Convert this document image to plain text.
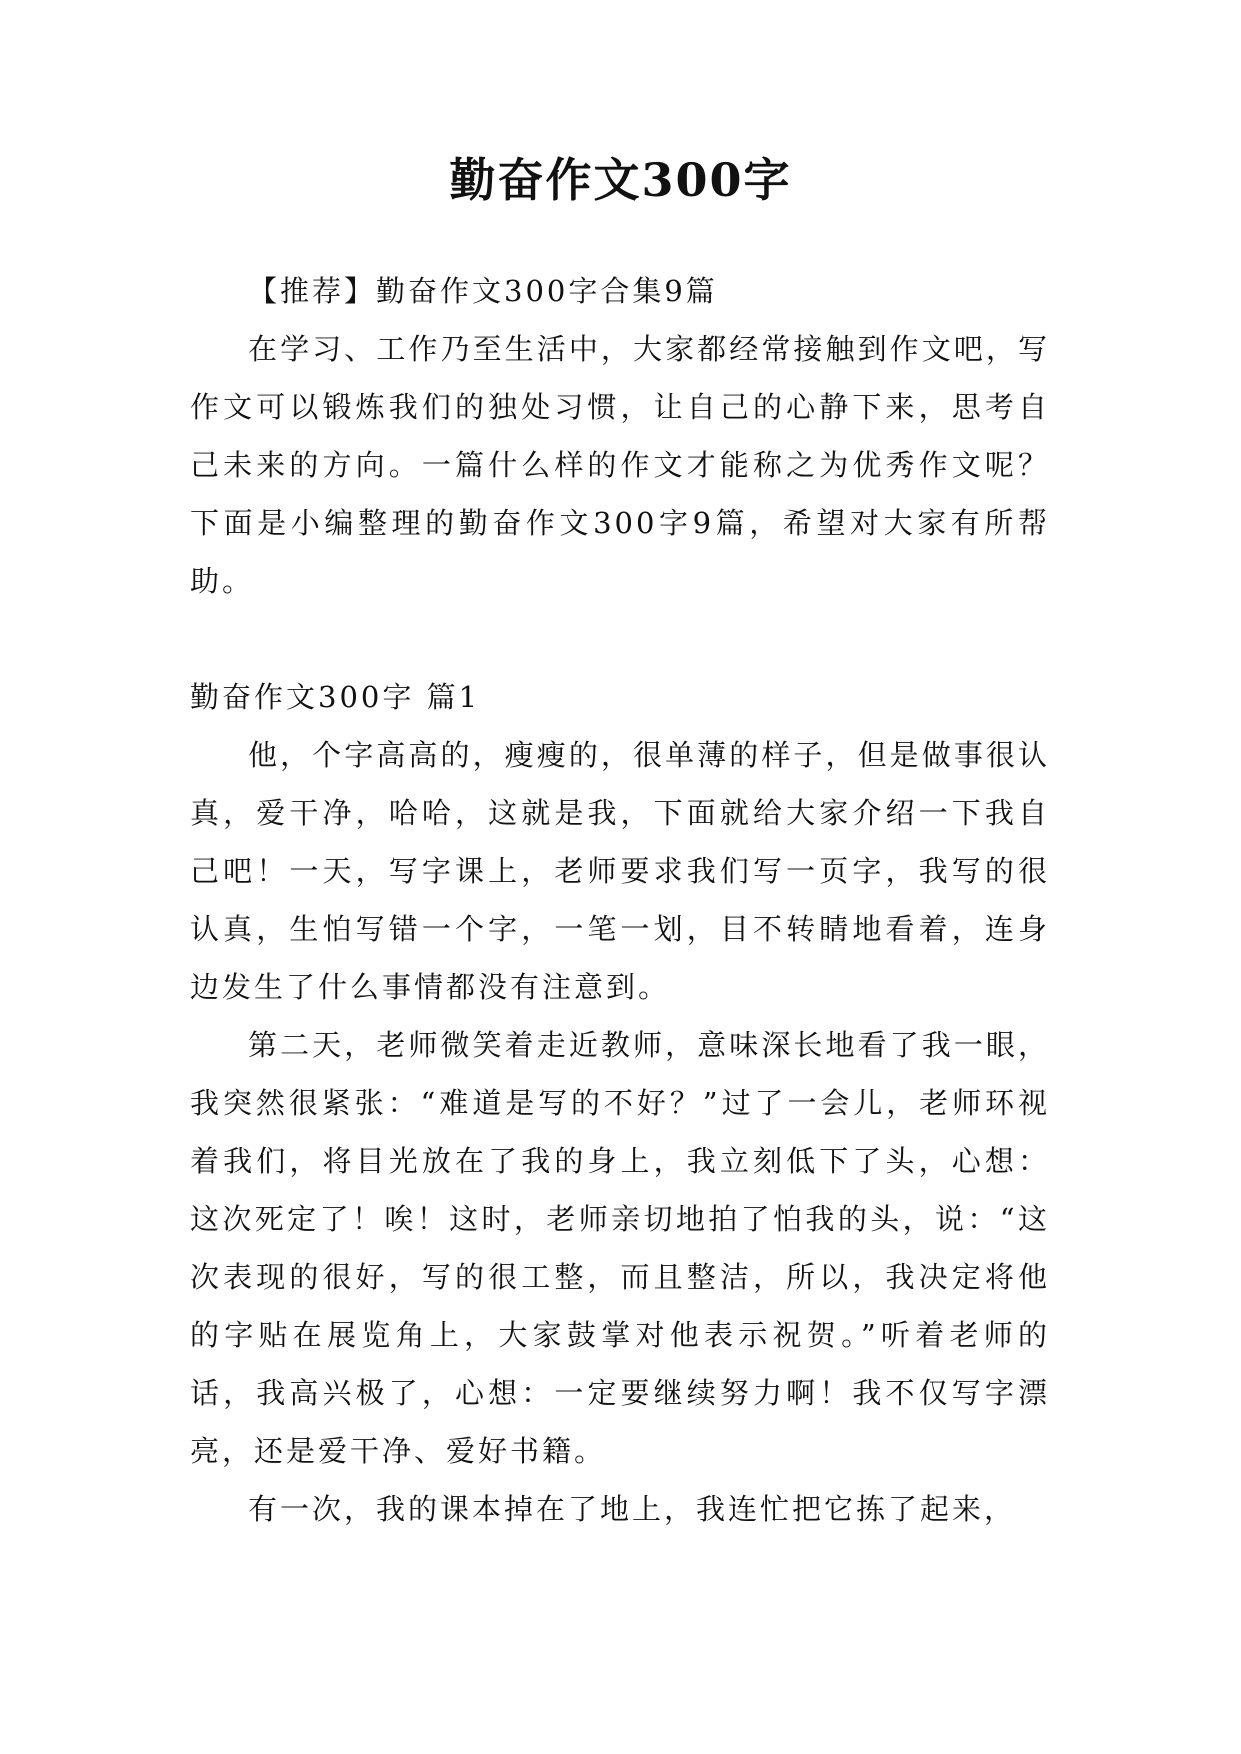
勤奋作文300字

【推荐】勤奋作文300字合集9篇

在学习、工作乃至生活中，大家都经常接触到作文吧，写作文可以锻炼我们的独处习惯，让自己的心静下来，思考自己未来的方向。一篇什么样的作文才能称之为优秀作文呢？下面是小编整理的勤奋作文300字9篇，希望对大家有所帮助。

勤奋作文300字 篇1

他，个字高高的，瘦瘦的，很单薄的样子，但是做事很认真，爱干净，哈哈，这就是我，下面就给大家介绍一下我自己吧！一天，写字课上，老师要求我们写一页字，我写的很认真，生怕写错一个字，一笔一划，目不转睛地看着，连身边发生了什么事情都没有注意到。

第二天，老师微笑着走近教师，意味深长地看了我一眼，我突然很紧张：“难道是写的不好？”过了一会儿，老师环视着我们，将目光放在了我的身上，我立刻低下了头，心想：这次死定了！唉！这时，老师亲切地拍了怕我的头，说：“这次表现的很好，写的很工整，而且整洁，所以，我决定将他的字贴在展览角上，大家鼓掌对他表示祝贺。”听着老师的话，我高兴极了，心想：一定要继续努力啊！我不仅写字漂亮，还是爱干净、爱好书籍。

有一次，我的课本掉在了地上，我连忙把它拣了起来，
